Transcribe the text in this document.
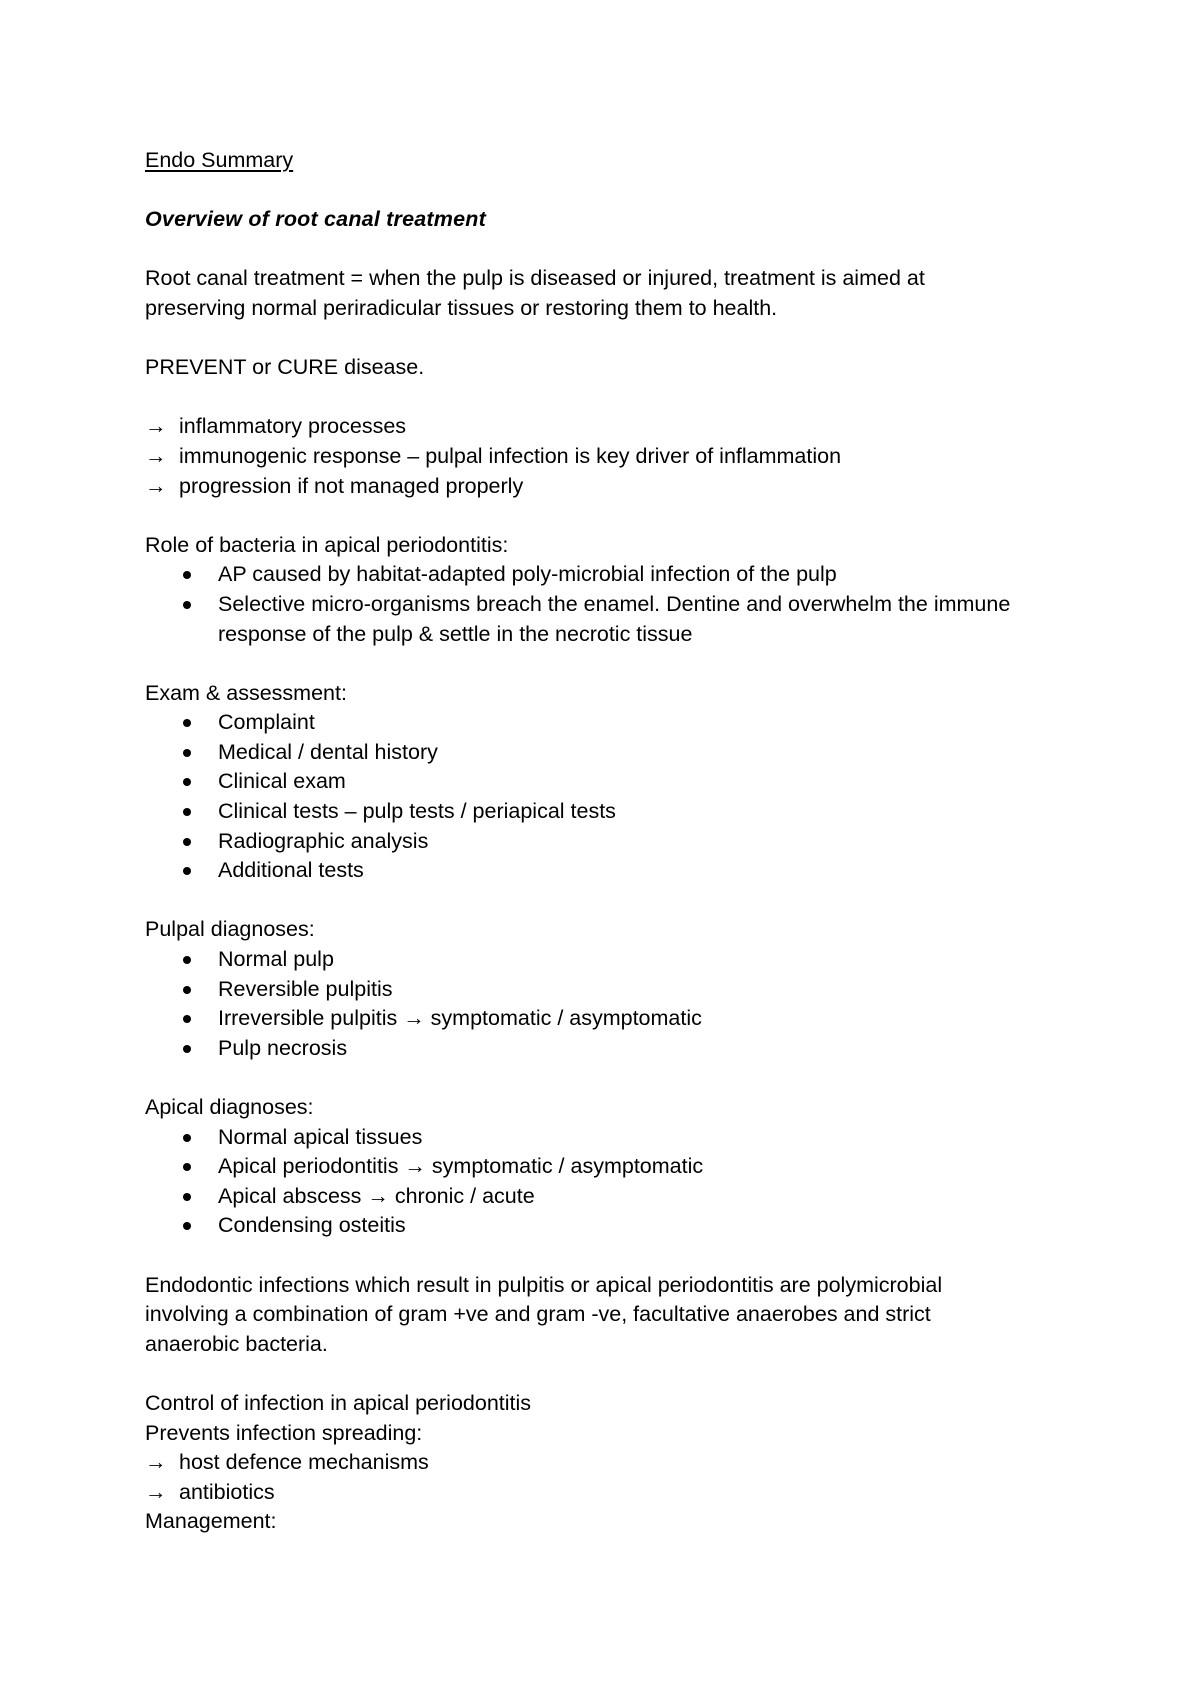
Endo Summary

Overview of root canal treatment

Root canal treatment = when the pulp is diseased or injured, treatment is aimed at

preserving normal periradicular tissues or restoring them to health.

PREVENT or CURE disease.

→ inflammatory processes
→ immunogenic response – pulpal infection is key driver of inflammation
→ progression if not managed properly

Role of bacteria in apical periodontitis:

AP caused by habitat-adapted poly-microbial infection of the pulp
Selective micro-organisms breach the enamel. Dentine and overwhelm the immune response of the pulp & settle in the necrotic tissue

Exam & assessment:

Complaint
Medical / dental history
Clinical exam
Clinical tests – pulp tests / periapical tests
Radiographic analysis
Additional tests

Pulpal diagnoses:

Normal pulp
Reversible pulpitis
Irreversible pulpitis → symptomatic / asymptomatic
Pulp necrosis

Apical diagnoses:

Normal apical tissues
Apical periodontitis → symptomatic / asymptomatic
Apical abscess → chronic / acute
Condensing osteitis

Endodontic infections which result in pulpitis or apical periodontitis are polymicrobial

involving a combination of gram +ve and gram -ve, facultative anaerobes and strict

anaerobic bacteria.

Control of infection in apical periodontitis

Prevents infection spreading:

→ host defence mechanisms
→ antibiotics

Management:
